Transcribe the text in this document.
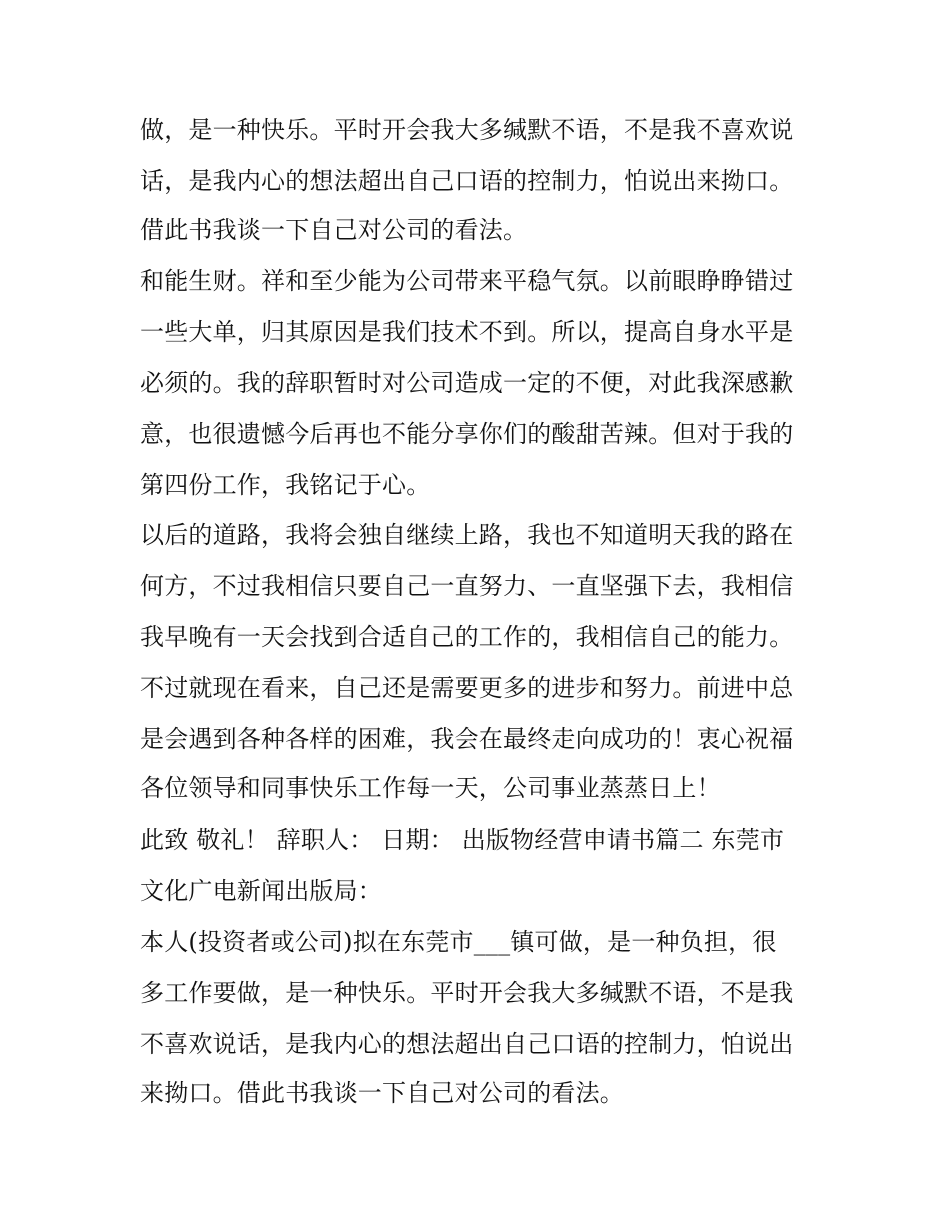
做，是一种快乐。平时开会我大多缄默不语，不是我不喜欢说
话，是我内心的想法超出自己口语的控制力，怕说出来拗口。
借此书我谈一下自己对公司的看法。
和能生财。祥和至少能为公司带来平稳气氛。以前眼睁睁错过
一些大单，归其原因是我们技术不到。所以，提高自身水平是
必须的。我的辞职暂时对公司造成一定的不便，对此我深感歉
意，也很遗憾今后再也不能分享你们的酸甜苦辣。但对于我的
第四份工作，我铭记于心。
以后的道路，我将会独自继续上路，我也不知道明天我的路在
何方，不过我相信只要自己一直努力、一直坚强下去，我相信
我早晚有一天会找到合适自己的工作的，我相信自己的能力。
不过就现在看来，自己还是需要更多的进步和努力。前进中总
是会遇到各种各样的困难，我会在最终走向成功的！衷心祝福
各位领导和同事快乐工作每一天，公司事业蒸蒸日上！
此致 敬礼！ 辞职人： 日期： 出版物经营申请书篇二 东莞市
文化广电新闻出版局：
本人(投资者或公司)拟在东莞市___镇可做，是一种负担，很
多工作要做，是一种快乐。平时开会我大多缄默不语，不是我
不喜欢说话，是我内心的想法超出自己口语的控制力，怕说出
来拗口。借此书我谈一下自己对公司的看法。
